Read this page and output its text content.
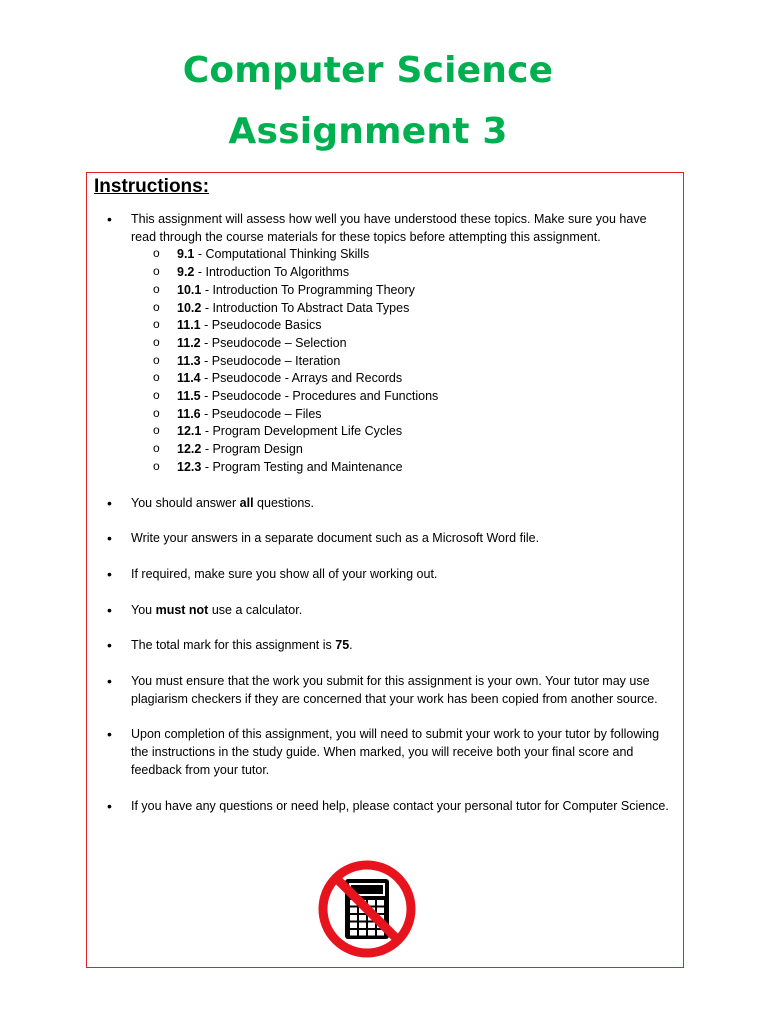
Computer Science
Assignment 3
Instructions:
• This assignment will assess how well you have understood these topics. Make sure you have read through the course materials for these topics before attempting this assignment.
o 9.1 - Computational Thinking Skills
o 9.2 - Introduction To Algorithms
o 10.1 - Introduction To Programming Theory
o 10.2 - Introduction To Abstract Data Types
o 11.1 - Pseudocode Basics
o 11.2 - Pseudocode – Selection
o 11.3 - Pseudocode – Iteration
o 11.4 - Pseudocode - Arrays and Records
o 11.5 - Pseudocode - Procedures and Functions
o 11.6 - Pseudocode – Files
o 12.1 - Program Development Life Cycles
o 12.2 - Program Design
o 12.3 - Program Testing and Maintenance
• You should answer all questions.
• Write your answers in a separate document such as a Microsoft Word file.
• If required, make sure you show all of your working out.
• You must not use a calculator.
• The total mark for this assignment is 75.
• You must ensure that the work you submit for this assignment is your own. Your tutor may use plagiarism checkers if they are concerned that your work has been copied from another source.
• Upon completion of this assignment, you will need to submit your work to your tutor by following the instructions in the study guide. When marked, you will receive both your final score and feedback from your tutor.
• If you have any questions or need help, please contact your personal tutor for Computer Science.
